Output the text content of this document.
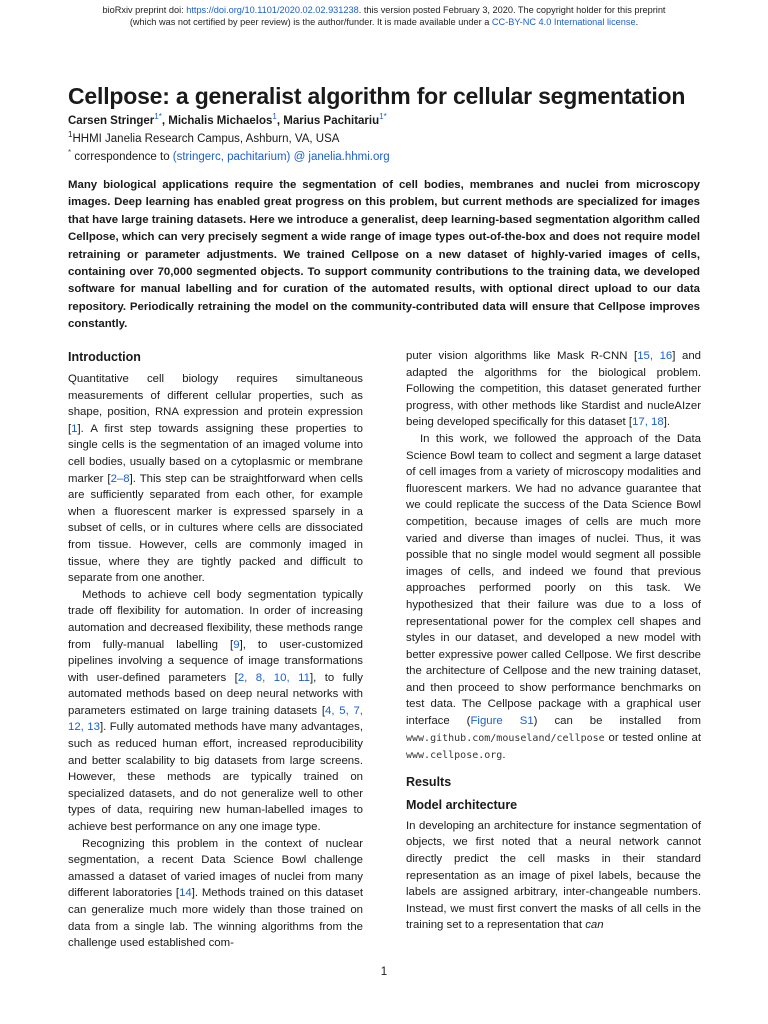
bioRxiv preprint doi: https://doi.org/10.1101/2020.02.02.931238. this version posted February 3, 2020. The copyright holder for this preprint
(which was not certified by peer review) is the author/funder. It is made available under a CC-BY-NC 4.0 International license.
Cellpose: a generalist algorithm for cellular segmentation
Carsen Stringer$^{1*}$, Michalis Michaelos$^1$, Marius Pachitariu$^{1*}$
$^1$HHMI Janelia Research Campus, Ashburn, VA, USA
* correspondence to (stringerc, pachitarium) @ janelia.hhmi.org

Many biological applications require the segmentation of cell bodies, membranes and nuclei from microscopy images. Deep learning has enabled great progress on this problem, but current methods are specialized for images that have large training datasets. Here we introduce a generalist, deep learning-based segmentation algorithm called Cellpose, which can very precisely segment a wide range of image types out-of-the-box and does not require model retraining or parameter adjustments. We trained Cellpose on a new dataset of highly-varied images of cells, containing over 70,000 segmented objects. To support community contributions to the training data, we developed software for manual labelling and for curation of the automated results, with optional direct upload to our data repository. Periodically retraining the model on the community-contributed data will ensure that Cellpose improves constantly.

Introduction

Quantitative cell biology requires simultaneous measurements of different cellular properties, such as shape, position, RNA expression and protein expression [1]. A first step towards assigning these properties to single cells is the segmentation of an imaged volume into cell bodies, usually based on a cytoplasmic or membrane marker [2–8]. This step can be straightforward when cells are sufficiently separated from each other, for example when a fluorescent marker is expressed sparsely in a subset of cells, or in cultures where cells are dissociated from tissue. However, cells are commonly imaged in tissue, where they are tightly packed and difficult to separate from one another.

Methods to achieve cell body segmentation typically trade off flexibility for automation. In order of increasing automation and decreased flexibility, these methods range from fully-manual labelling [9], to user-customized pipelines involving a sequence of image transformations with user-defined parameters [2, 8, 10, 11], to fully automated methods based on deep neural networks with parameters estimated on large training datasets [4, 5, 7, 12, 13]. Fully automated methods have many advantages, such as reduced human effort, increased reproducibility and better scalability to big datasets from large screens. However, these methods are typically trained on specialized datasets, and do not generalize well to other types of data, requiring new human-labelled images to achieve best performance on any one image type.

Recognizing this problem in the context of nuclear segmentation, a recent Data Science Bowl challenge amassed a dataset of varied images of nuclei from many different laboratories [14]. Methods trained on this dataset can generalize much more widely than those trained on data from a single lab. The winning algorithms from the challenge used established com-

puter vision algorithms like Mask R-CNN [15, 16] and adapted the algorithms for the biological problem. Following the competition, this dataset generated further progress, with other methods like Stardist and nucleAIzer being developed specifically for this dataset [17, 18].

In this work, we followed the approach of the Data Science Bowl team to collect and segment a large dataset of cell images from a variety of microscopy modalities and fluorescent markers. We had no advance guarantee that we could replicate the success of the Data Science Bowl competition, because images of cells are much more varied and diverse than images of nuclei. Thus, it was possible that no single model would segment all possible images of cells, and indeed we found that previous approaches performed poorly on this task. We hypothesized that their failure was due to a loss of representational power for the complex cell shapes and styles in our dataset, and developed a new model with better expressive power called Cellpose. We first describe the architecture of Cellpose and the new training dataset, and then proceed to show performance benchmarks on test data. The Cellpose package with a graphical user interface (Figure S1) can be installed from www.github.com/mouseland/cellpose or tested online at www.cellpose.org.

Results
Model architecture

In developing an architecture for instance segmentation of objects, we first noted that a neural network cannot directly predict the cell masks in their standard representation as an image of pixel labels, because the labels are assigned arbitrary, inter-changeable numbers. Instead, we must first convert the masks of all cells in the training set to a representation that can

1
